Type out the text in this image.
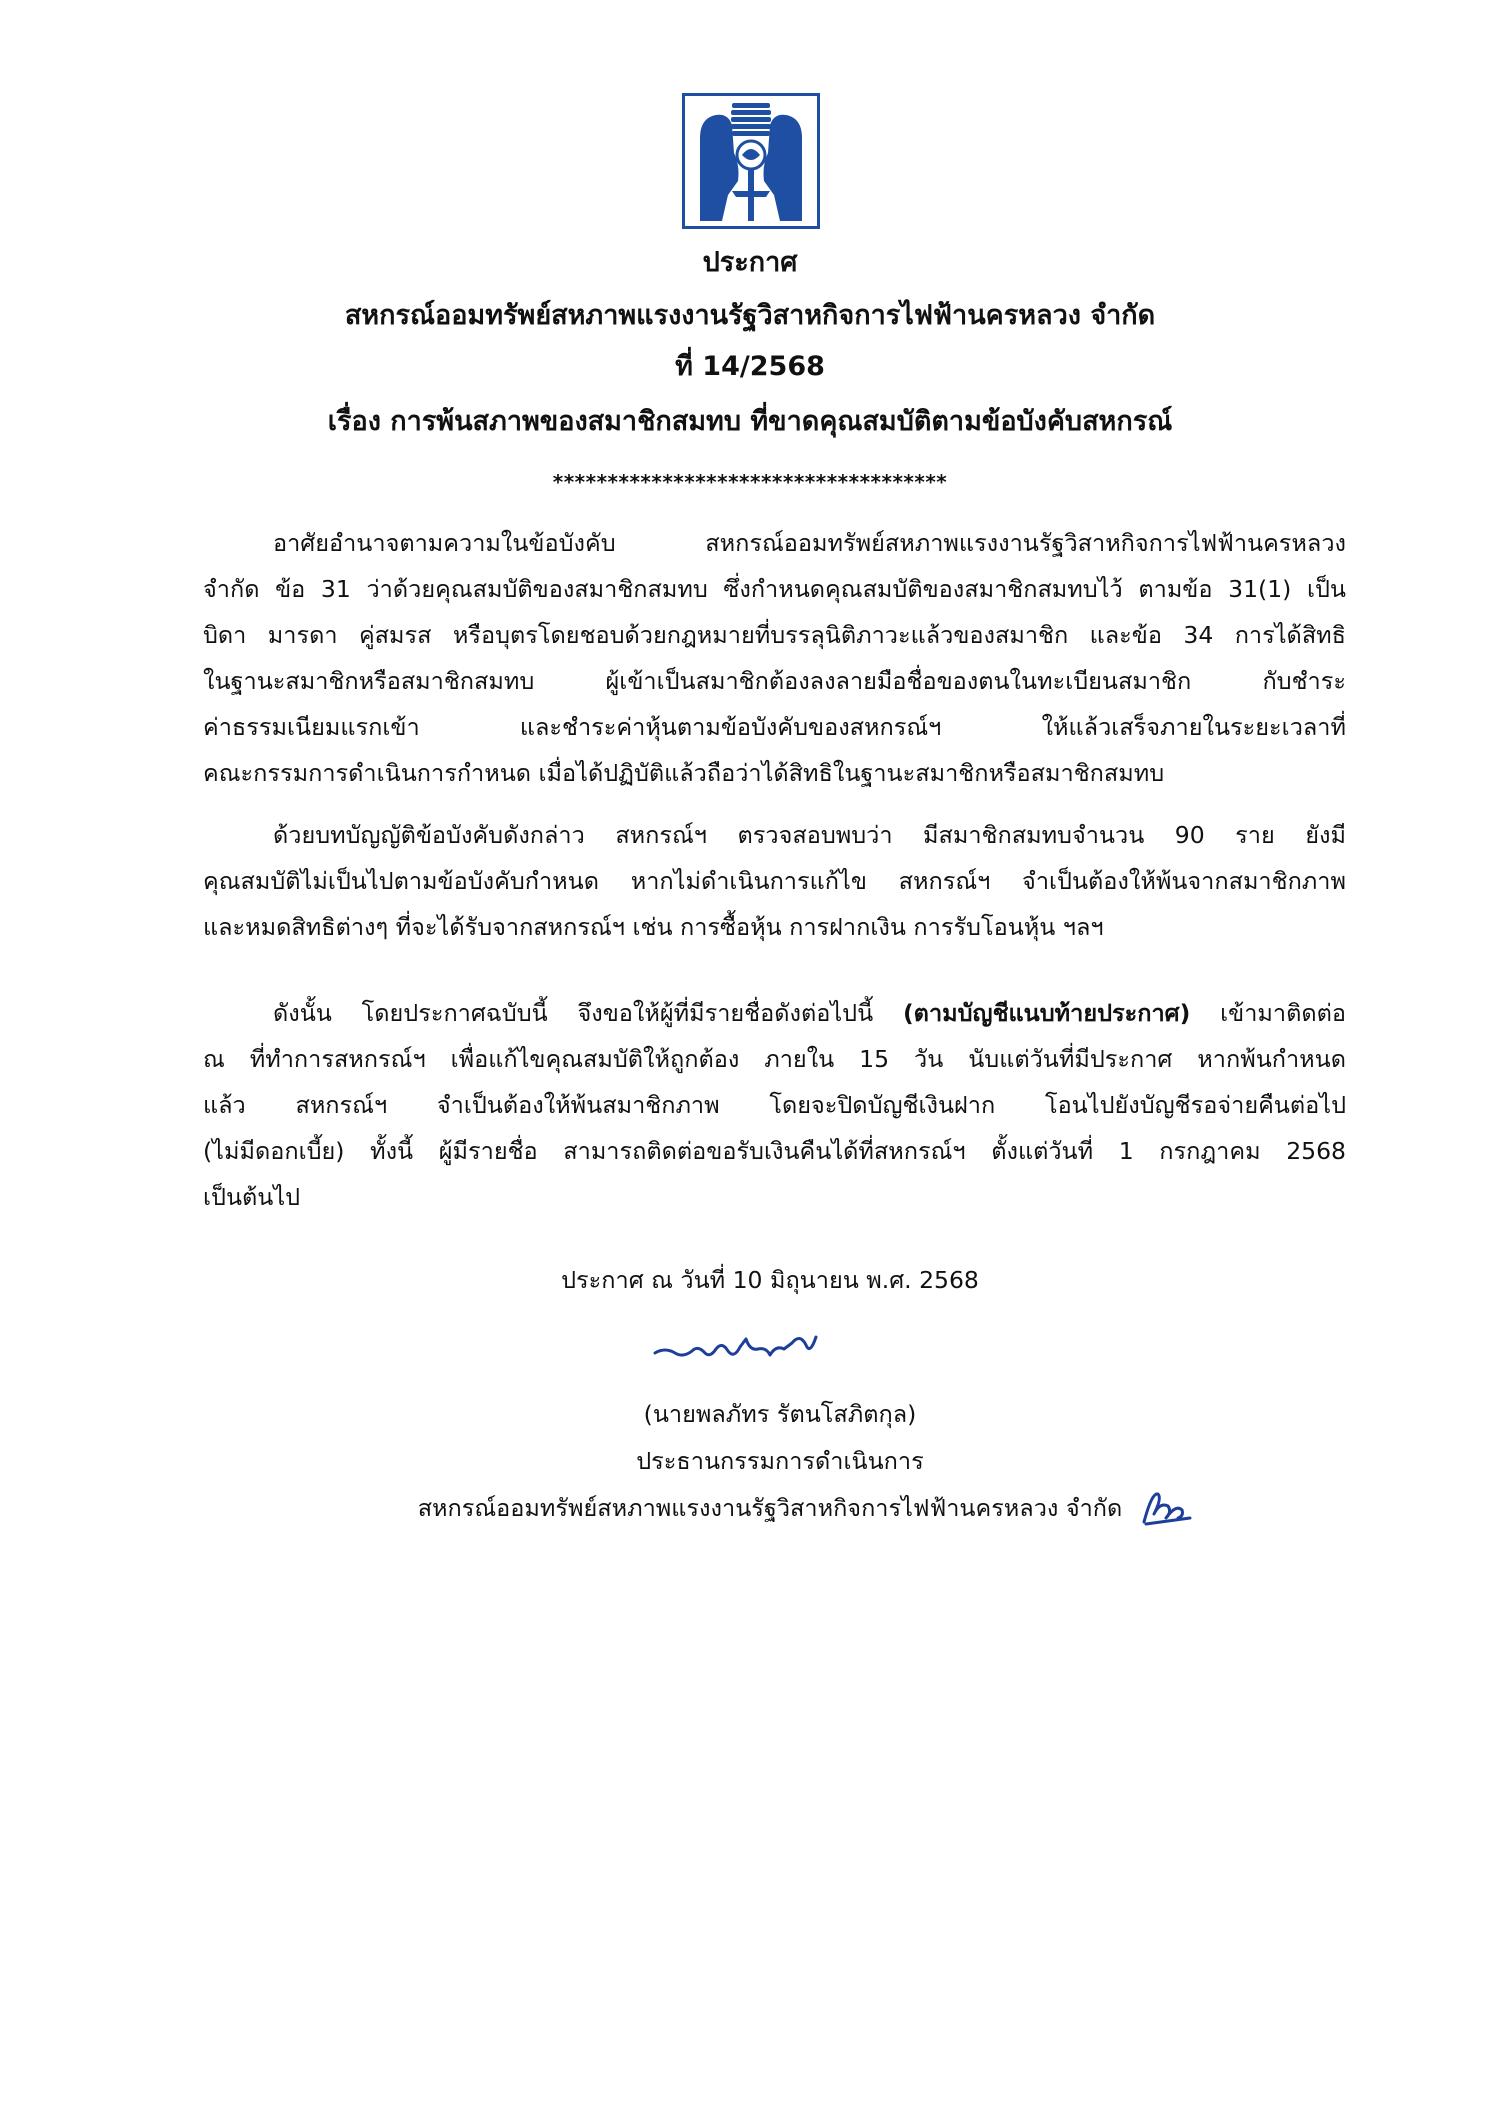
ประกาศ
สหกรณ์ออมทรัพย์สหภาพแรงงานรัฐวิสาหกิจการไฟฟ้านครหลวง จำกัด
ที่ 14/2568
เรื่อง การพ้นสภาพของสมาชิกสมทบ ที่ขาดคุณสมบัติตามข้อบังคับสหกรณ์
************************************
อาศัยอำนาจตามความในข้อบังคับ สหกรณ์ออมทรัพย์สหภาพแรงงานรัฐวิสาหกิจการไฟฟ้านครหลวง
จำกัด ข้อ 31 ว่าด้วยคุณสมบัติของสมาชิกสมทบ ซึ่งกำหนดคุณสมบัติของสมาชิกสมทบไว้ ตามข้อ 31(1) เป็น
บิดา มารดา คู่สมรส หรือบุตรโดยชอบด้วยกฎหมายที่บรรลุนิติภาวะแล้วของสมาชิก และข้อ 34 การได้สิทธิ
ในฐานะสมาชิกหรือสมาชิกสมทบ ผู้เข้าเป็นสมาชิกต้องลงลายมือชื่อของตนในทะเบียนสมาชิก กับชำระ
ค่าธรรมเนียมแรกเข้า และชำระค่าหุ้นตามข้อบังคับของสหกรณ์ฯ ให้แล้วเสร็จภายในระยะเวลาที่
คณะกรรมการดำเนินการกำหนด เมื่อได้ปฏิบัติแล้วถือว่าได้สิทธิในฐานะสมาชิกหรือสมาชิกสมทบ
ด้วยบทบัญญัติข้อบังคับดังกล่าว สหกรณ์ฯ ตรวจสอบพบว่า มีสมาชิกสมทบจำนวน 90 ราย ยังมี
คุณสมบัติไม่เป็นไปตามข้อบังคับกำหนด หากไม่ดำเนินการแก้ไข สหกรณ์ฯ จำเป็นต้องให้พ้นจากสมาชิกภาพ
และหมดสิทธิต่างๆ ที่จะได้รับจากสหกรณ์ฯ เช่น การซื้อหุ้น การฝากเงิน การรับโอนหุ้น ฯลฯ
ดังนั้น โดยประกาศฉบับนี้ จึงขอให้ผู้ที่มีรายชื่อดังต่อไปนี้ (ตามบัญชีแนบท้ายประกาศ) เข้ามาติดต่อ
ณ ที่ทำการสหกรณ์ฯ เพื่อแก้ไขคุณสมบัติให้ถูกต้อง ภายใน 15 วัน นับแต่วันที่มีประกาศ หากพ้นกำหนด
แล้ว สหกรณ์ฯ จำเป็นต้องให้พ้นสมาชิกภาพ โดยจะปิดบัญชีเงินฝาก โอนไปยังบัญชีรอจ่ายคืนต่อไป
(ไม่มีดอกเบี้ย) ทั้งนี้ ผู้มีรายชื่อ สามารถติดต่อขอรับเงินคืนได้ที่สหกรณ์ฯ ตั้งแต่วันที่ 1 กรกฎาคม 2568
เป็นต้นไป
ประกาศ ณ วันที่ 10 มิถุนายน พ.ศ. 2568
(นายพลภัทร รัตนโสภิตกุล)
ประธานกรรมการดำเนินการ
สหกรณ์ออมทรัพย์สหภาพแรงงานรัฐวิสาหกิจการไฟฟ้านครหลวง จำกัด
